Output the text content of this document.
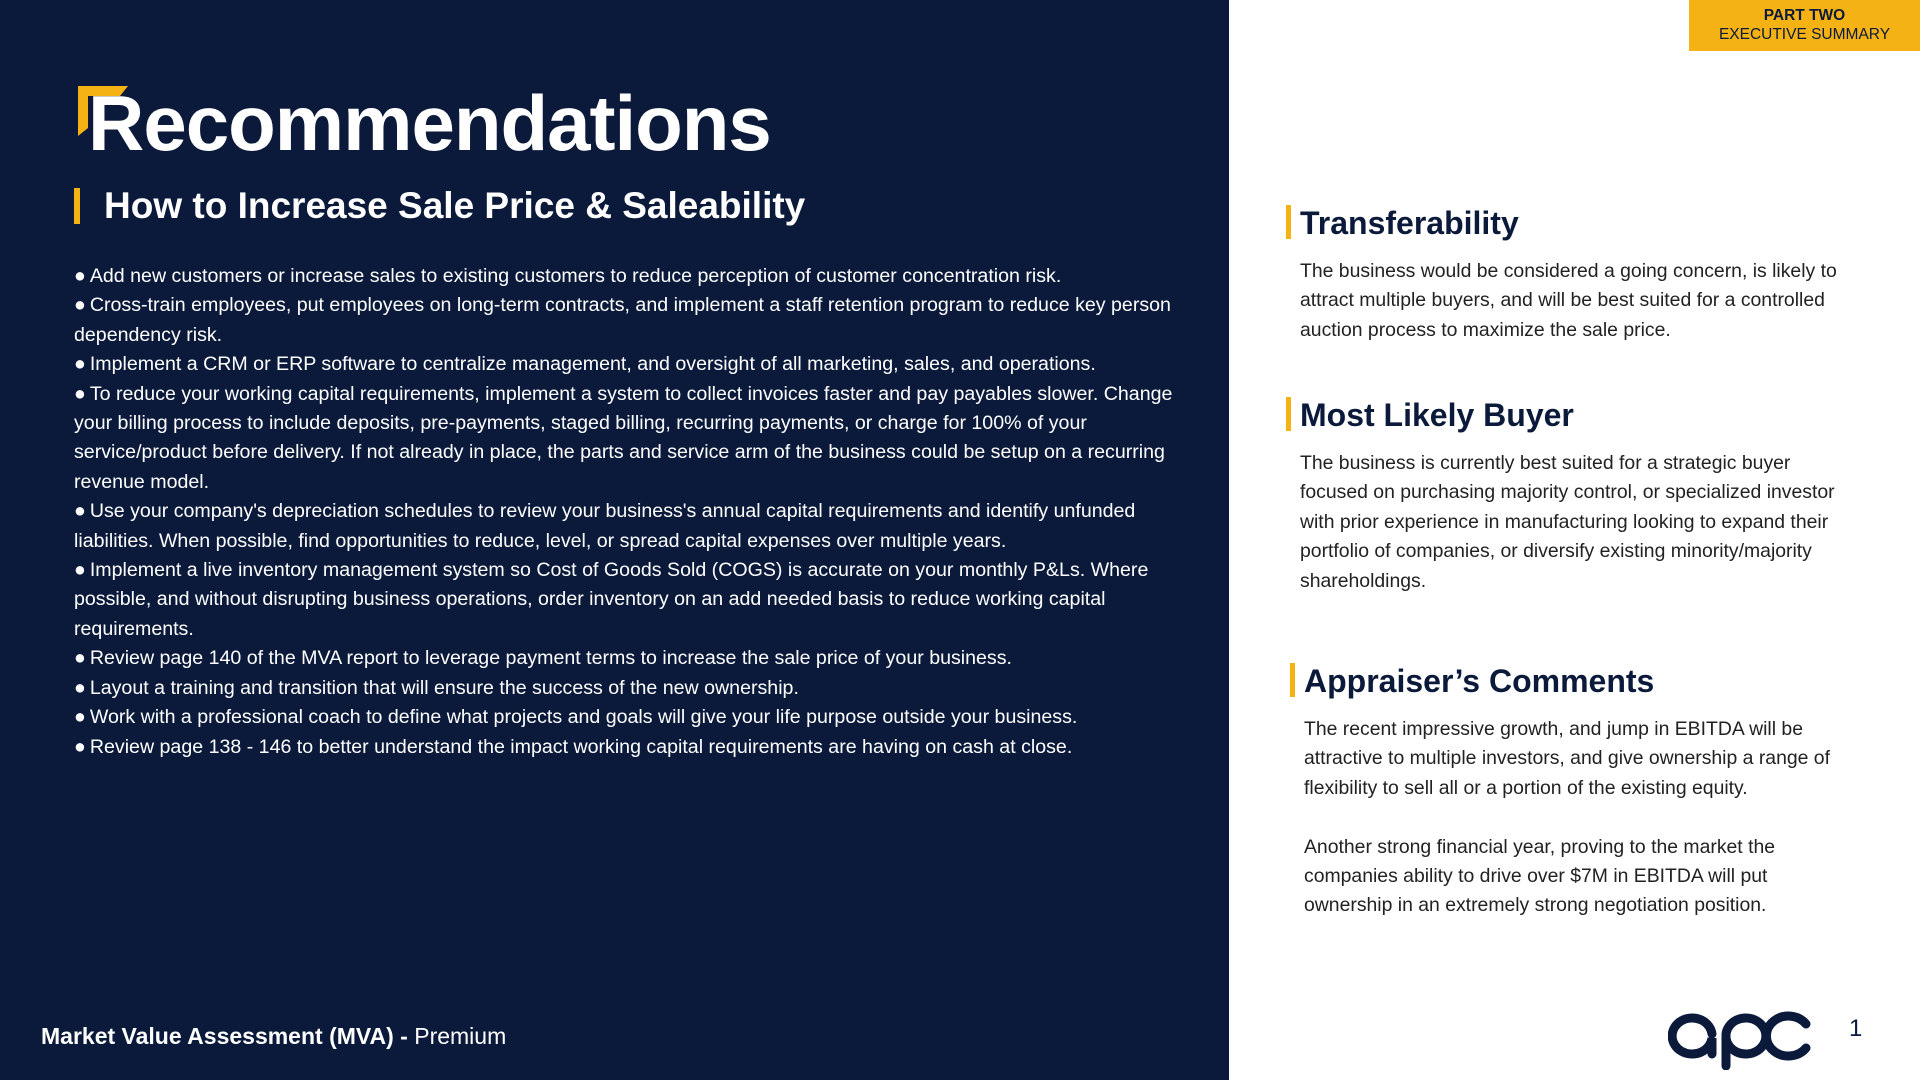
Recommendations
How to Increase Sale Price & Saleability
● Add new customers or increase sales to existing customers to reduce perception of customer concentration risk.
● Cross-train employees, put employees on long-term contracts, and implement a staff retention program to reduce key person dependency risk.
● Implement a CRM or ERP software to centralize management, and oversight of all marketing, sales, and operations.
● To reduce your working capital requirements, implement a system to collect invoices faster and pay payables slower. Change your billing process to include deposits, pre-payments, staged billing, recurring payments, or charge for 100% of your service/product before delivery. If not already in place, the parts and service arm of the business could be setup on a recurring revenue model.
● Use your company's depreciation schedules to review your business's annual capital requirements and identify unfunded liabilities. When possible, find opportunities to reduce, level, or spread capital expenses over multiple years.
● Implement a live inventory management system so Cost of Goods Sold (COGS) is accurate on your monthly P&Ls. Where possible, and without disrupting business operations, order inventory on an add needed basis to reduce working capital requirements.
● Review page 140 of the MVA report to leverage payment terms to increase the sale price of your business.
● Layout a training and transition that will ensure the success of the new ownership.
● Work with a professional coach to define what projects and goals will give your life purpose outside your business.
● Review page 138 - 146 to better understand the impact working capital requirements are having on cash at close.
Market Value Assessment (MVA) - Premium
PART TWO
EXECUTIVE SUMMARY
Transferability

The business would be considered a going concern, is likely to attract multiple buyers, and will be best suited for a controlled auction process to maximize the sale price.

Most Likely Buyer

The business is currently best suited for a strategic buyer focused on purchasing majority control, or specialized investor with prior experience in manufacturing looking to expand their portfolio of companies, or diversify existing minority/majority shareholdings.

Appraiser’s Comments

The recent impressive growth, and jump in EBITDA will be attractive to multiple investors, and give ownership a range of flexibility to sell all or a portion of the existing equity.

Another strong financial year, proving to the market the companies ability to drive over $7M in EBITDA will put ownership in an extremely strong negotiation position.

1
